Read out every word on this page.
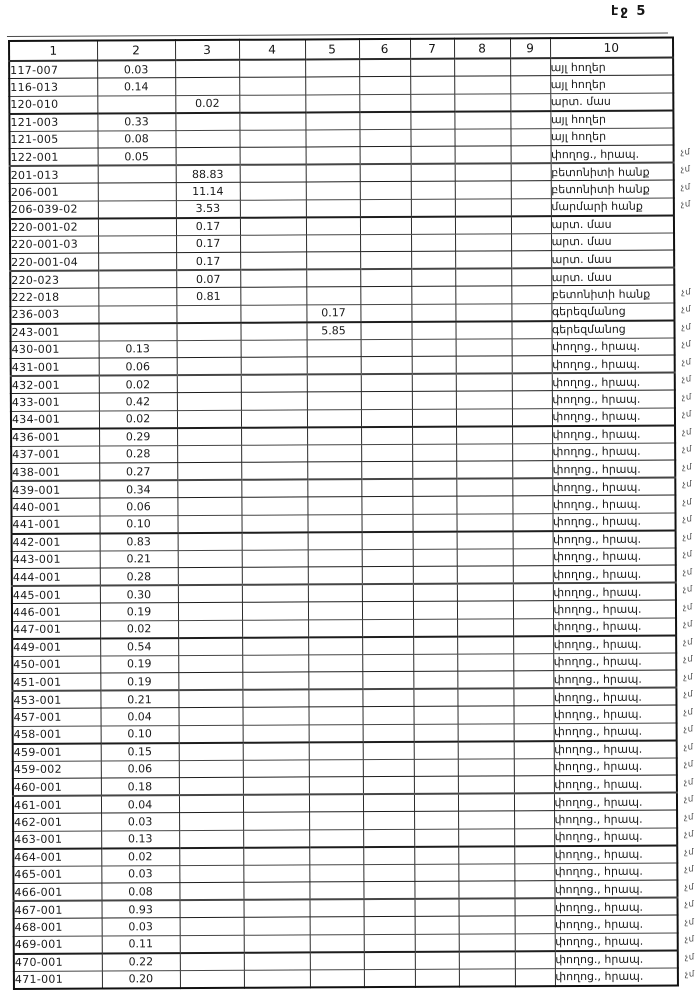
էջ 5
1	2	3	4	5	6	7	8	9	10
117-007	0.03								այլ հողեր
116-013	0.14								այլ հողեր
120-010		0.02							արտ. մաս
121-003	0.33								այլ հողեր
121-005	0.08								այլ հողեր
122-001	0.05								փողոց., հրապ.
201-013		88.83							բետոնիտի հանք
206-001		11.14							բետոնիտի հանք
206-039-02		3.53							մարմարի հանք
220-001-02		0.17							արտ. մաս
220-001-03		0.17							արտ. մաս
220-001-04		0.17							արտ. մաս
220-023		0.07							արտ. մաս
222-018		0.81							բետոնիտի հանք
236-003				0.17					գերեզմանոց
243-001				5.85					գերեզմանոց
430-001	0.13								փողոց., հրապ.
431-001	0.06								փողոց., հրապ.
432-001	0.02								փողոց., հրապ.
433-001	0.42								փողոց., հրապ.
434-001	0.02								փողոց., հրապ.
436-001	0.29								փողոց., հրապ.
437-001	0.28								փողոց., հրապ.
438-001	0.27								փողոց., հրապ.
439-001	0.34								փողոց., հրապ.
440-001	0.06								փողոց., հրապ.
441-001	0.10								փողոց., հրապ.
442-001	0.83								փողոց., հրապ.
443-001	0.21								փողոց., հրապ.
444-001	0.28								փողոց., հրապ.
445-001	0.30								փողոց., հրապ.
446-001	0.19								փողոց., հրապ.
447-001	0.02								փողոց., հրապ.
449-001	0.54								փողոց., հրապ.
450-001	0.19								փողոց., հրապ.
451-001	0.19								փողոց., հրապ.
453-001	0.21								փողոց., հրապ.
457-001	0.04								փողոց., հրապ.
458-001	0.10								փողոց., հրապ.
459-001	0.15								փողոց., հրապ.
459-002	0.06								փողոց., հրապ.
460-001	0.18								փողոց., հրապ.
461-001	0.04								փողոց., հրապ.
462-001	0.03								փողոց., հրապ.
463-001	0.13								փողոց., հրապ.
464-001	0.02								փողոց., հրապ.
465-001	0.03								փողոց., հրապ.
466-001	0.08								փողոց., հրապ.
467-001	0.93								փողոց., հրապ.
468-001	0.03								փողոց., հրապ.
469-001	0.11								փողոց., հրապ.
470-001	0.22								փողոց., հրապ.
471-001	0.20								փողոց., հրապ.
չմ
չմ
չմ
չմ
չմ
չմ
չմ
չմ
չմ
չմ
չմ
չմ
չմ
չմ
չմ
չմ
չմ
չմ
չմ
չմ
չմ
չմ
չմ
չմ
չմ
չմ
չմ
չմ
չմ
չմ
չմ
չմ
չմ
չմ
չմ
չմ
չմ
չմ
չմ
չմ
չմ
չմ
չմ
չմ
